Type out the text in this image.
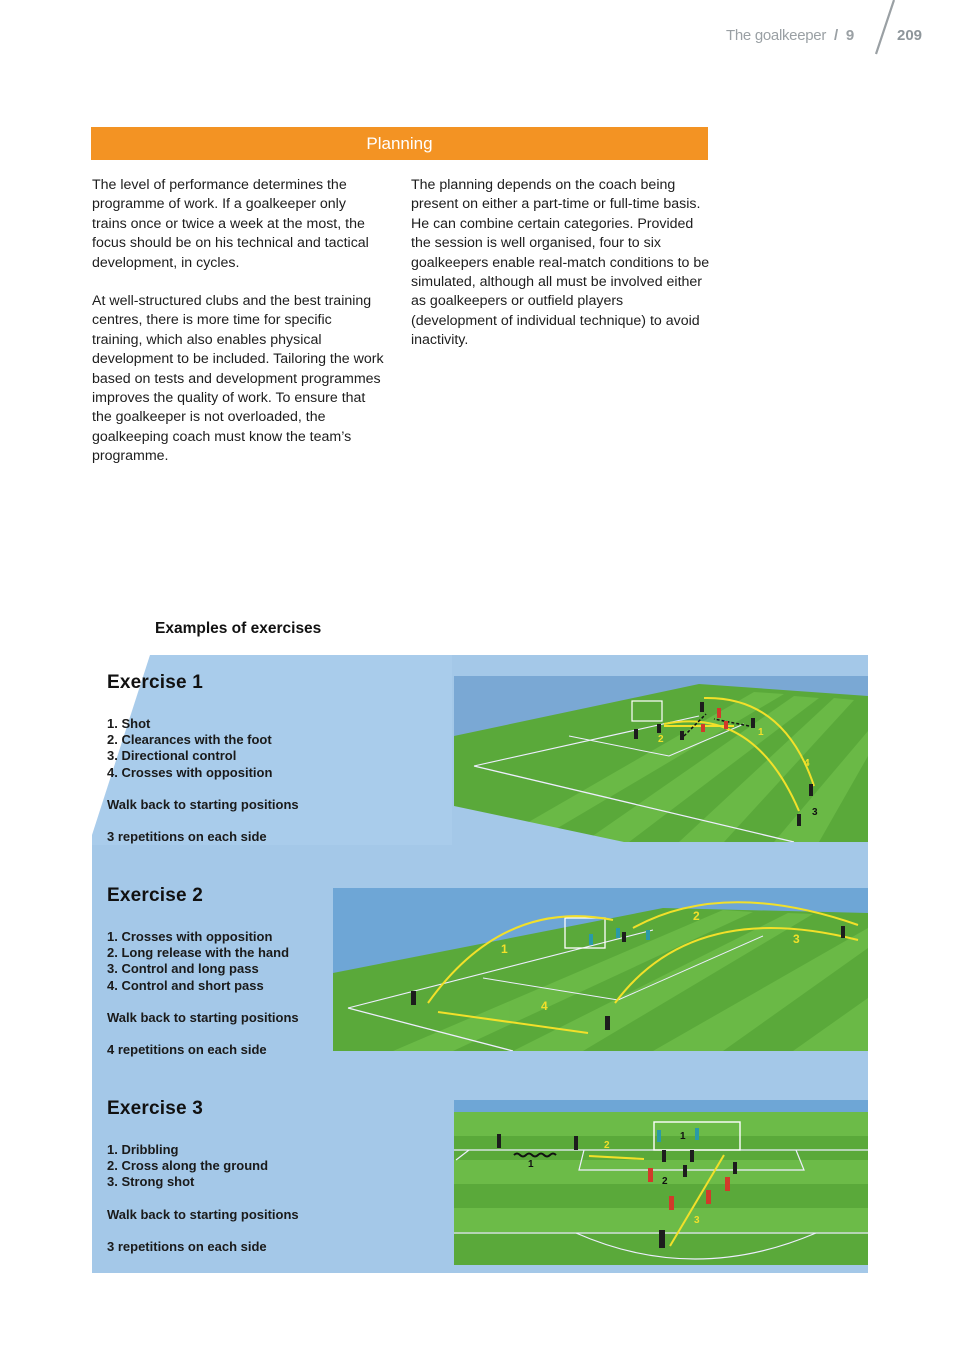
The goalkeeper / 9	209
Planning

The level of performance determines the programme of work. If a goalkeeper only trains once or twice a week at the most, the focus should be on his technical and tactical development, in cycles.

At well-structured clubs and the best training centres, there is more time for specific training, which also enables physical development to be included. Tailoring the work based on tests and development programmes improves the quality of work. To ensure that the goalkeeper is not overloaded, the goalkeeping coach must know the team’s programme.

The planning depends on the coach being present on either a part-time or full-time basis. He can combine certain categories. Provided the session is well organised, four to six goalkeepers enable real-match conditions to be simulated, although all must be involved either as goalkeepers or outfield players (development of individual technique) to avoid inactivity.

Examples of exercises
Exercise 1
1. Shot
2. Clearances with the foot
3. Directional control
4. Crosses with opposition

Walk back to starting positions

3 repetitions on each side

1
2
3
4
Exercise 2
1. Crosses with opposition
2. Long release with the hand
3. Control and long pass
4. Control and short pass

Walk back to starting positions

4 repetitions on each side

1
2
3
4
Exercise 3
1. Dribbling
2. Cross along the ground
3. Strong shot

Walk back to starting positions

3 repetitions on each side

1
2
1
2
3
